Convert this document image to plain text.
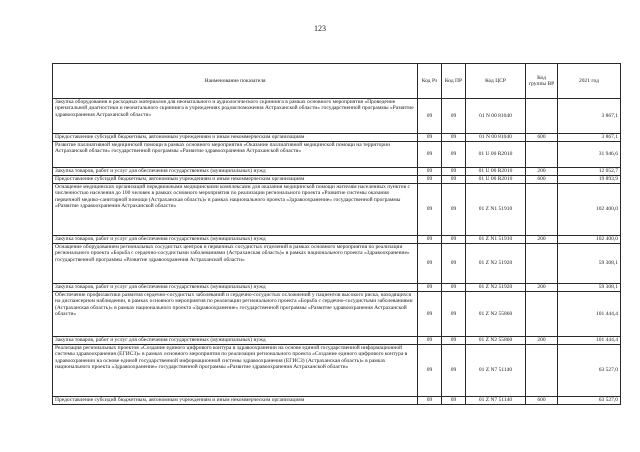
123
Наименование показателя	Код Рз	Код ПР	Код ЦСР	Код группы ВР	2021 год
Закупка оборудования и расходных материалов для неонатального и аудиологического скрининга в рамках основного мероприятия «Проведение пренатальной диагностики и неонатального скрининга в учреждениях родовспоможения Астраханской области» государственной программы «Развитие здравоохранения Астраханской области»	09	09	01 N 00 81040		3 867,1
Предоставление субсидий бюджетным, автономным учреждениям и иным некоммерческим организациям	09	09	01 N 00 81040	600	3 867,1
Развитие паллиативной медицинской помощи в рамках основного мероприятия «Оказание паллиативной медицинской помощи на территории Астраханской области» государственной программы «Развитие здравоохранения Астраханской области»	09	09	01 U 00 R2010		31 946,6
Закупка товаров, работ и услуг для обеспечения государственных (муниципальных) нужд	09	09	01 U 00 R2010	200	12 052,7
Предоставление субсидий бюджетным, автономным учреждениям и иным некоммерческим организациям	09	09	01 U 00 R2010	600	19 893,9
Оснащение медицинских организаций передвижными медицинскими комплексами для оказания медицинской помощи жителям населенных пунктов с численностью населения до 100 человек в рамках основного мероприятия по реализации регионального проекта «Развитие системы оказания первичной медико-санитарной помощи (Астраханская область)» в рамках национального проекта «Здравоохранение» государственной программы «Развитие здравоохранения Астраханской области»	09	09	01 Z N1 51910		102 400,0
Закупка товаров, работ и услуг для обеспечения государственных (муниципальных) нужд	09	09	01 Z N1 51910	200	102 400,0
Оснащение оборудованием региональных сосудистых центров и первичных сосудистых отделений в рамках основного мероприятия по реализации регионального проекта «Борьба с сердечно-сосудистыми заболеваниями (Астраханская область)» в рамках национального проекта «Здравоохранение» государственной программы «Развитие здравоохранения Астраханской области»	09	09	01 Z N2 51920		59 308,1
Закупка товаров, работ и услуг для обеспечения государственных (муниципальных) нужд	09	09	01 Z N2 51920	200	59 308,1
Обеспечение профилактики развития сердечно-сосудистых заболеваний и сердечно-сосудистых осложнений у пациентов высокого риска, находящихся на диспансерном наблюдении, в рамках основного мероприятия по реализации регионального проекта «Борьба с сердечно-сосудистыми заболеваниями (Астраханская область)» в рамках национального проекта «Здравоохранение» государственной программы «Развитие здравоохранения Астраханской области»	09	09	01 Z N2 55860		101 444,4
Закупка товаров, работ и услуг для обеспечения государственных (муниципальных) нужд	09	09	01 Z N2 55860	200	101 444,4
Реализация региональных проектов «Создание единого цифрового контура в здравоохранении на основе единой государственной информационной системы здравоохранения (ЕГИСЗ)» в рамках основного мероприятия по реализации регионального проекта «Создание единого цифрового контура в здравоохранении на основе единой государственной информационной системы здравоохранения (ЕГИСЗ) (Астраханская область)» в рамках национального проекта «Здравоохранение» государственной программы «Развитие здравоохранения Астраханской области»	09	09	01 Z N7 51140		63 527,0
Предоставление субсидий бюджетным, автономным учреждениям и иным некоммерческим организациям	09	09	01 Z N7 51140	600	63 527,0
